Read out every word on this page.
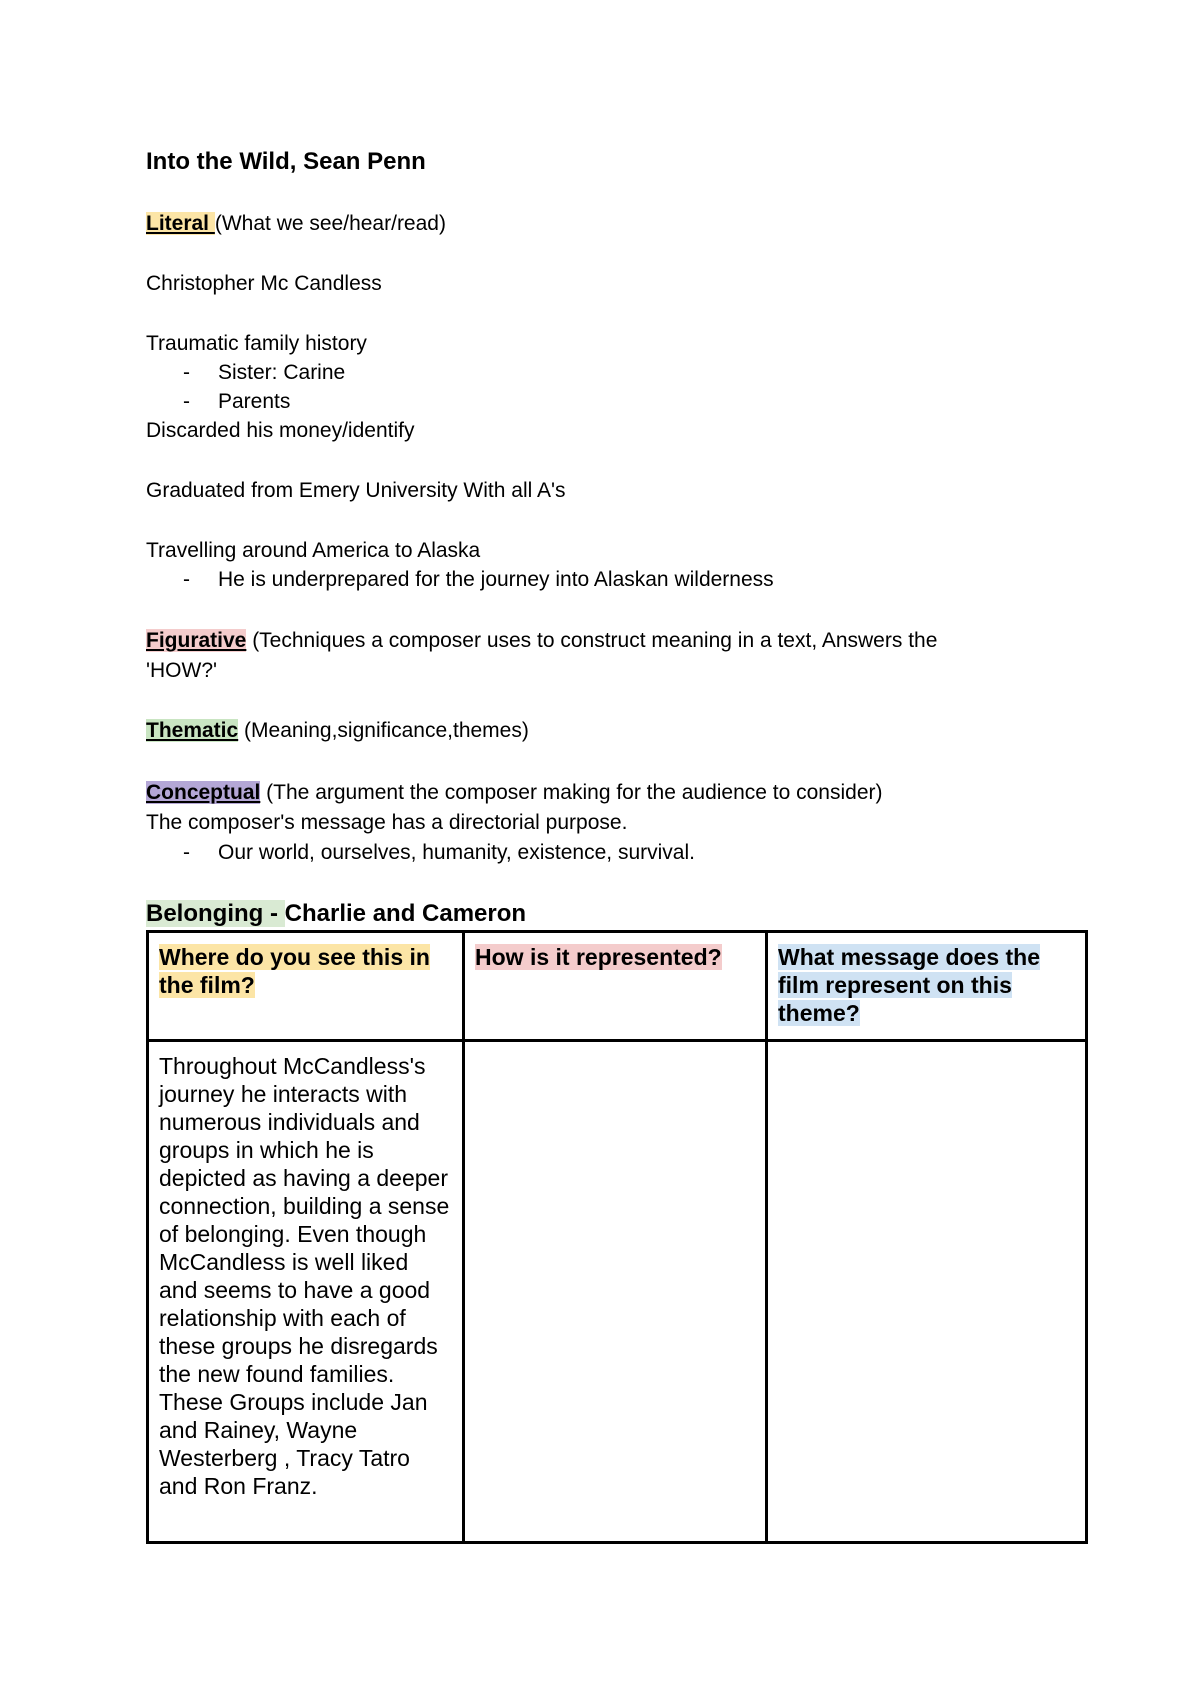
Into the Wild, Sean Penn
Literal (What we see/hear/read)
Christopher Mc Candless
Traumatic family history
- Sister: Carine
- Parents
Discarded his money/identify
Graduated from Emery University With all A's
Travelling around America to Alaska
- He is underprepared for the journey into Alaskan wilderness
Figurative (Techniques a composer uses to construct meaning in a text, Answers the
'HOW?'
Thematic (Meaning,significance,themes)
Conceptual (The argument the composer making for the audience to consider)
The composer's message has a directorial purpose.
- Our world, ourselves, humanity, existence, survival.
Belonging - Charlie and Cameron
Where do you see this in the film?	How is it represented?	What message does the film represent on this theme?
Throughout McCandless's journey he interacts with numerous individuals and groups in which he is depicted as having a deeper connection, building a sense of belonging. Even though McCandless is well liked and seems to have a good relationship with each of these groups he disregards the new found families. These Groups include Jan and Rainey, Wayne Westerberg , Tracy Tatro and Ron Franz.		
